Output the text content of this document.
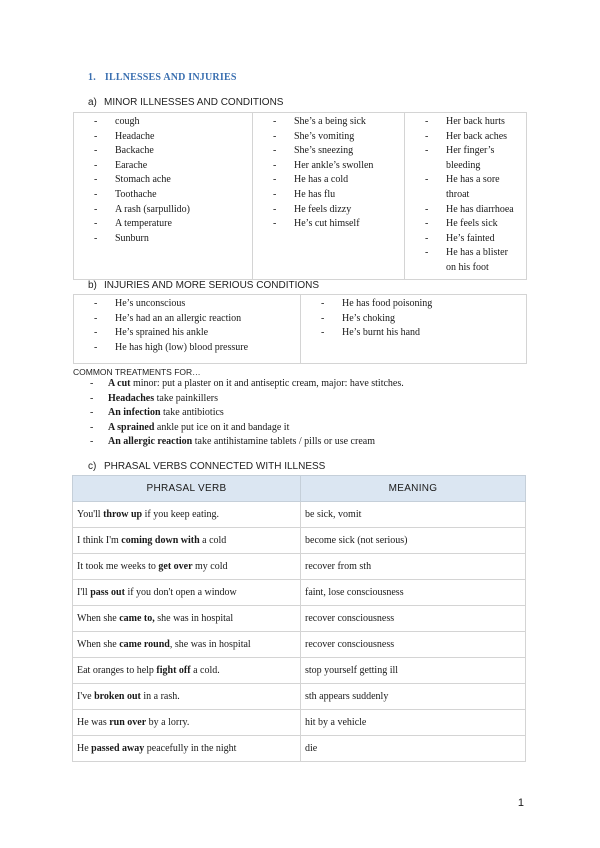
1. ILLNESSES AND INJURIES
a) MINOR ILLNESSES AND CONDITIONS
- cough
- Headache
- Backache
- Earache
- Stomach ache
- Toothache
- A rash (sarpullido)
- A temperature
- Sunburn

- She’s a being sick
- She’s vomiting
- She’s sneezing
- Her ankle’s swollen
- He has a cold
- He has flu
- He feels dizzy
- He’s cut himself

- Her back hurts
- Her back aches
- Her finger’s bleeding
- He has a sore throat
- He has diarrhoea
- He feels sick
- He’s fainted
- He has a blister on his foot
b) INJURIES AND MORE SERIOUS CONDITIONS
- He’s unconscious
- He’s had an an allergic reaction
- He’s sprained his ankle
- He has high (low) blood pressure

- He has food poisoning
- He’s choking
- He’s burnt his hand
COMMON TREATMENTS FOR…
- A cut minor: put a plaster on it and antiseptic cream, major: have stitches.
- Headaches take painkillers
- An infection take antibiotics
- A sprained ankle put ice on it and bandage it
- An allergic reaction take antihistamine tablets / pills or use cream
c) PHRASAL VERBS CONNECTED WITH ILLNESS
PHRASAL VERB	MEANING
You'll throw up if you keep eating.	be sick, vomit
I think I'm coming down with a cold	become sick (not serious)
It took me weeks to get over my cold	recover from sth
I'll pass out if you don't open a window	faint, lose consciousness
When she came to, she was in hospital	recover consciousness
When she came round, she was in hospital	recover consciousness
Eat oranges to help fight off a cold.	stop yourself getting ill
I've broken out in a rash.	sth appears suddenly
He was run over by a lorry.	hit by a vehicle
He passed away peacefully in the night	die
1
